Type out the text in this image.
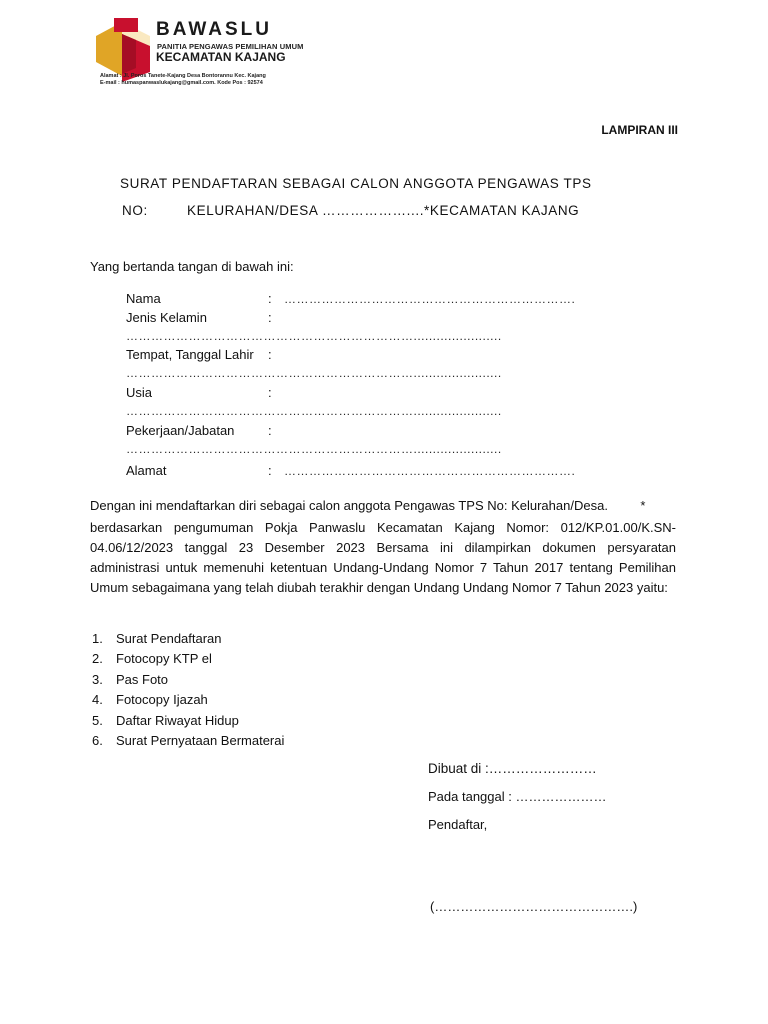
BAWASLU
PANITIA PENGAWAS PEMILIHAN UMUM
KECAMATAN KAJANG
Alamat : Jl. Poros Tanete-Kajang Desa Bontorannu Kec. Kajang
E-mail : humaspanwaslukajang@gmail.com. Kode Pos : 92574
LAMPIRAN III
SURAT PENDAFTARAN SEBAGAI CALON ANGGOTA PENGAWAS TPS
NO:	KELURAHAN/DESA ………………....*KECAMATAN KAJANG
Yang bertanda tangan di bawah ini:
Nama	: …………………………………………………………….
Jenis Kelamin	:
…………………………………………………………….......................
Tempat, Tanggal Lahir :
…………………………………………………………….......................
Usia	:
…………………………………………………………….......................
Pekerjaan/Jabatan	:
…………………………………………………………….......................
Alamat	: …………………………………………………………….
Dengan ini mendaftarkan diri sebagai calon anggota Pengawas TPS No: Kelurahan/Desa.         *
berdasarkan pengumuman Pokja Panwaslu Kecamatan Kajang Nomor: 012/KP.01.00/K.SN-04.06/12/2023 tanggal 23 Desember 2023 Bersama ini dilampirkan dokumen persyaratan administrasi untuk memenuhi ketentuan Undang-Undang Nomor 7 Tahun 2017 tentang Pemilihan Umum sebagaimana yang telah diubah terakhir dengan Undang Undang Nomor 7 Tahun 2023 yaitu:
1. Surat Pendaftaran
2. Fotocopy KTP el
3. Pas Foto
4. Fotocopy Ijazah
5. Daftar Riwayat Hidup
6. Surat Pernyataan Bermaterai
Dibuat di :……………………
Pada tanggal : …………………
Pendaftar,
(……………………………………….)
